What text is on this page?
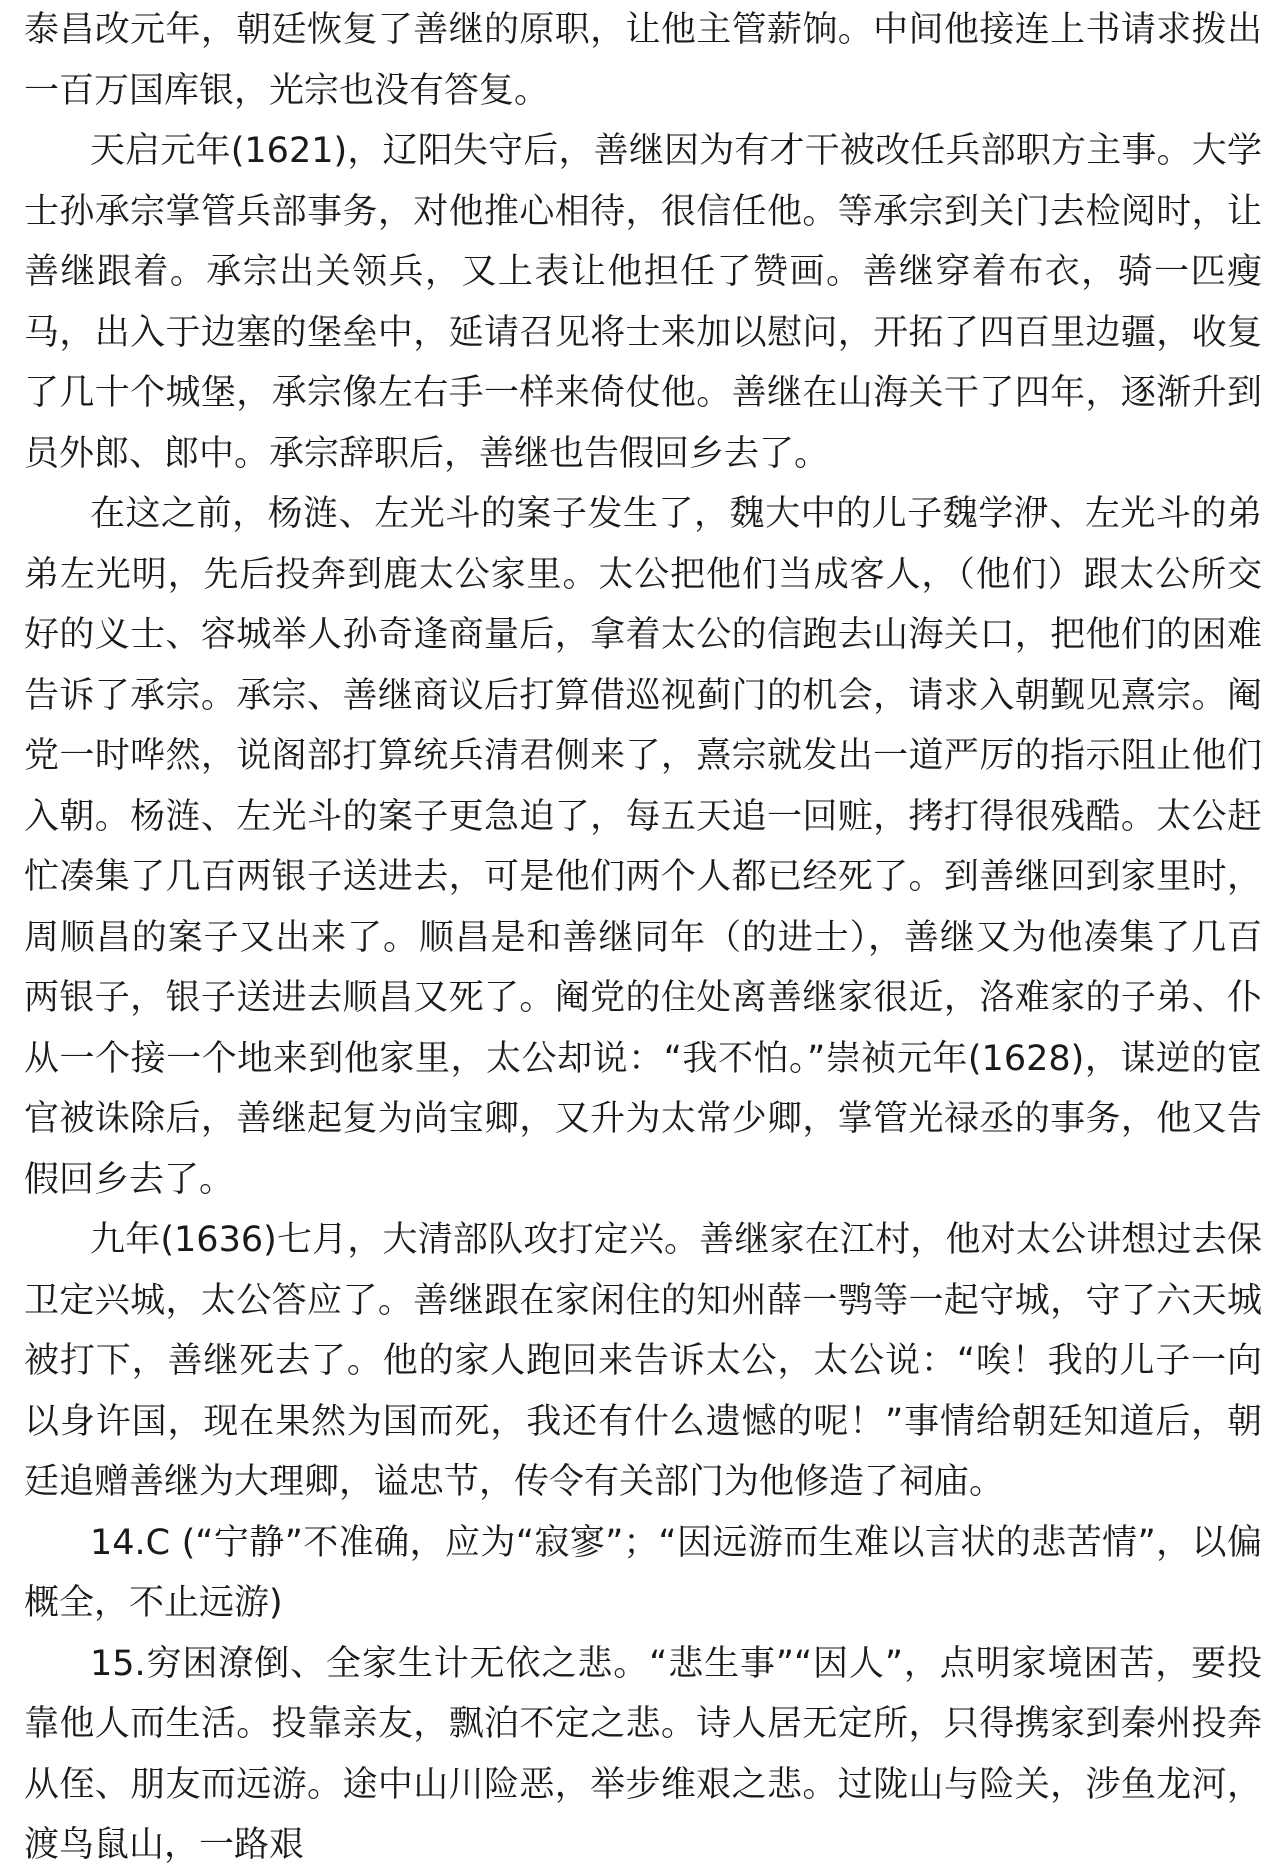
泰昌改元年，朝廷恢复了善继的原职，让他主管薪饷。中间他接连上书请求拨出一百万国库银，光宗也没有答复。

天启元年(1621)，辽阳失守后，善继因为有才干被改任兵部职方主事。大学士孙承宗掌管兵部事务，对他推心相待，很信任他。等承宗到关门去检阅时，让善继跟着。承宗出关领兵，又上表让他担任了赞画。善继穿着布衣，骑一匹瘦马，出入于边塞的堡垒中，延请召见将士来加以慰问，开拓了四百里边疆，收复了几十个城堡，承宗像左右手一样来倚仗他。善继在山海关干了四年，逐渐升到员外郎、郎中。承宗辞职后，善继也告假回乡去了。

在这之前，杨涟、左光斗的案子发生了，魏大中的儿子魏学洢、左光斗的弟弟左光明，先后投奔到鹿太公家里。太公把他们当成客人，（他们）跟太公所交好的义士、容城举人孙奇逢商量后，拿着太公的信跑去山海关口，把他们的困难告诉了承宗。承宗、善继商议后打算借巡视蓟门的机会，请求入朝觐见熹宗。阉党一时哗然，说阁部打算统兵清君侧来了，熹宗就发出一道严厉的指示阻止他们入朝。杨涟、左光斗的案子更急迫了，每五天追一回赃，拷打得很残酷。太公赶忙凑集了几百两银子送进去，可是他们两个人都已经死了。到善继回到家里时，周顺昌的案子又出来了。顺昌是和善继同年（的进士），善继又为他凑集了几百两银子，银子送进去顺昌又死了。阉党的住处离善继家很近，洛难家的子弟、仆从一个接一个地来到他家里，太公却说：“我不怕。”崇祯元年(1628)，谋逆的宦官被诛除后，善继起复为尚宝卿，又升为太常少卿，掌管光禄丞的事务，他又告假回乡去了。

九年(1636)七月，大清部队攻打定兴。善继家在江村，他对太公讲想过去保卫定兴城，太公答应了。善继跟在家闲住的知州薛一鹗等一起守城，守了六天城被打下，善继死去了。他的家人跑回来告诉太公，太公说：“唉！我的儿子一向以身许国，现在果然为国而死，我还有什么遗憾的呢！”事情给朝廷知道后，朝廷追赠善继为大理卿，谥忠节，传令有关部门为他修造了祠庙。

14.C (“宁静”不准确，应为“寂寥”；“因远游而生难以言状的悲苦情”，以偏概全，不止远游)

15.穷困潦倒、全家生计无依之悲。“悲生事”“因人”，点明家境困苦，要投靠他人而生活。投靠亲友，飘泊不定之悲。诗人居无定所，只得携家到秦州投奔从侄、朋友而远游。途中山川险恶，举步维艰之悲。过陇山与险关，涉鱼龙河，渡鸟鼠山，一路艰
